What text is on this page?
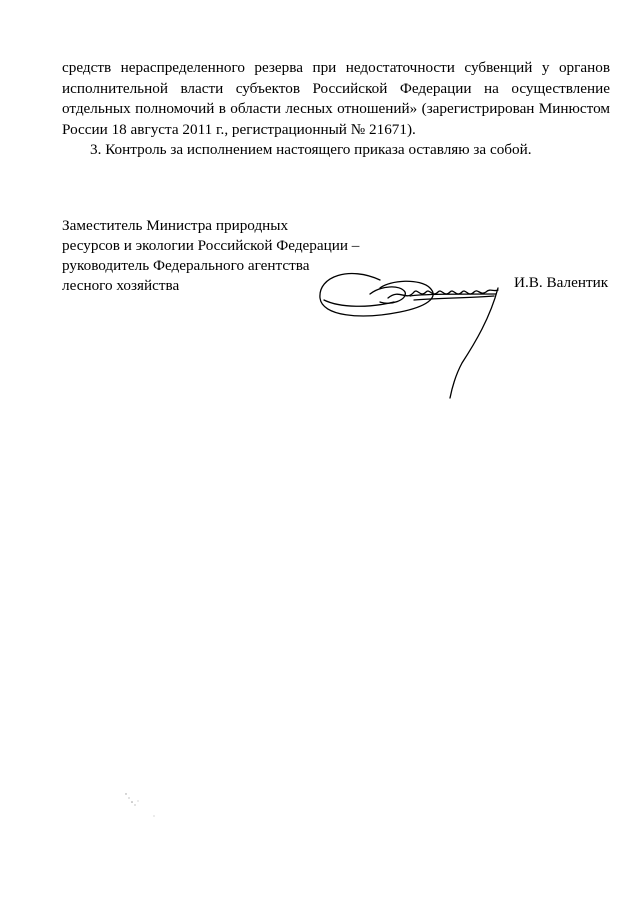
средств нераспределенного резерва при недостаточности субвенций у органов исполнительной власти субъектов Российской Федерации на осуществление отдельных полномочий в области лесных отношений» (зарегистрирован Минюстом России 18 августа 2011 г., регистрационный № 21671).

3. Контроль за исполнением настоящего приказа оставляю за собой.

Заместитель Министра природных
ресурсов и экологии Российской Федерации –
руководитель Федерального агентства
лесного хозяйства	И.В. Валентик
